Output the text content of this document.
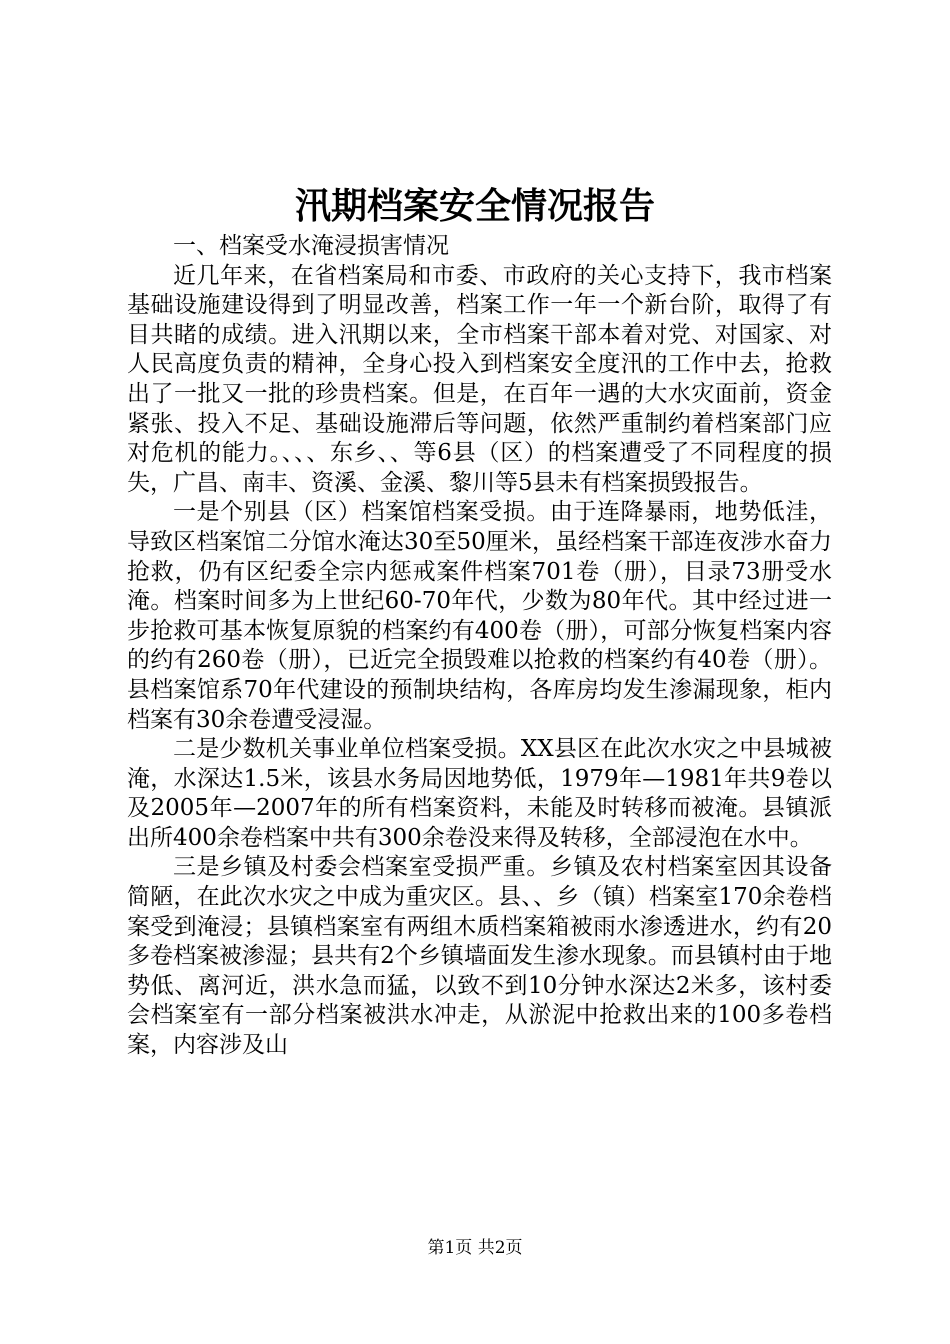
汛期档案安全情况报告

一、档案受水淹浸损害情况

近几年来，在省档案局和市委、市政府的关心支持下，我市档案基础设施建设得到了明显改善，档案工作一年一个新台阶，取得了有目共睹的成绩。进入汛期以来，全市档案干部本着对党、对国家、对人民高度负责的精神，全身心投入到档案安全度汛的工作中去，抢救出了一批又一批的珍贵档案。但是，在百年一遇的大水灾面前，资金紧张、投入不足、基础设施滞后等问题，依然严重制约着档案部门应对危机的能力。、、、东乡、、等6县（区）的档案遭受了不同程度的损失，广昌、南丰、资溪、金溪、黎川等5县未有档案损毁报告。

一是个别县（区）档案馆档案受损。由于连降暴雨，地势低洼，导致区档案馆二分馆水淹达30至50厘米，虽经档案干部连夜涉水奋力抢救，仍有区纪委全宗内惩戒案件档案701卷（册），目录73册受水淹。档案时间多为上世纪60-70年代，少数为80年代。其中经过进一步抢救可基本恢复原貌的档案约有400卷（册），可部分恢复档案内容的约有260卷（册），已近完全损毁难以抢救的档案约有40卷（册）。县档案馆系70年代建设的预制块结构，各库房均发生渗漏现象，柜内档案有30余卷遭受浸湿。

二是少数机关事业单位档案受损。XX县区在此次水灾之中县城被淹，水深达1.5米，该县水务局因地势低，1979年—1981年共9卷以及2005年—2007年的所有档案资料，未能及时转移而被淹。县镇派出所400余卷档案中共有300余卷没来得及转移，全部浸泡在水中。

三是乡镇及村委会档案室受损严重。乡镇及农村档案室因其设备简陋，在此次水灾之中成为重灾区。县、、乡（镇）档案室170余卷档案受到淹浸；县镇档案室有两组木质档案箱被雨水渗透进水，约有20多卷档案被渗湿；县共有2个乡镇墙面发生渗水现象。而县镇村由于地势低、离河近，洪水急而猛，以致不到10分钟水深达2米多，该村委会档案室有一部分档案被洪水冲走，从淤泥中抢救出来的100多卷档案，内容涉及山

第1页 共2页
